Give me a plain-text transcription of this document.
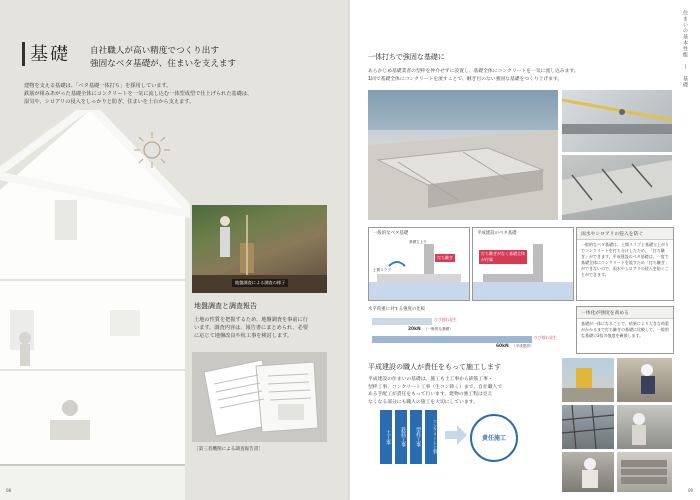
基礎 自社職人が高い精度でつくり出す
強固なベタ基礎が、住まいを支えます
建物を支える基礎は、「ベタ基礎一体打ち」を採用しています。
鉄筋が組みあがった基礎全体にコンクリートを一気に流し込む一体型成型で仕上げられた基礎は、
湿気や、シロアリの侵入をしっかりと防ぎ、住まいを土台から支えます。
地盤調査による調査の様子
地盤調査と調査報告
土地の性質を把握するため、地盤調査を事前に行
います。調査内容は、報告書にまとめられ、必要
に応じて地盤改良や杭工事を検討します。
［第三者機関による調査報告書］
08
住まいの基本性能　—　基礎
一体打ちで強固な基礎に
あらかじめ基礎業者の型枠を仲介せずに設置し、基礎全体にコンクリートを一気に流し込みます。
1回で基礎全体にコンクリートを流すことで、継ぎ目のない強固な基礎をつくり上げます。
一般的なベタ基礎
打ち継ぎ
土間スラブ
基礎立上り
平成建設のベタ基礎
打ち継ぎがなく基礎全体が付属
雨水やシロアリの侵入を防ぐ
一般的なベタ基礎は、土間スラブと基礎立上がりでコンクリートを打ち分けしたため、「打ち継ぎ」ができます。平成建設のベタ基礎は、一度で基礎全体にコンクリートを流すため「打ち継ぎ」ができないので、雨水やシロアリの侵入を防ぐことができます。
水平荷重に対する強度の比較
ひび割れ発生
20kN （一般的な基礎）
ひび割れ発生
60kN （平成建設）
一体化が強度を高める
基礎が一体になることで、結果により大きな荷重がかかるまで打ち継ぎの基礎に比較して、一般的な基礎の3倍の強度を確保します。
平成建設の職人が責任をもって施工します
平成建設の住まいの基礎は、施工も土工事から鉄筋工事・
型枠工事、コンクリート工事（生コン除く）まで、自社職人で
ある手配工が責任をもって行います。建物の強工程は見え
なくなる部分にも職人の施工を大切にしています。
土工事	鉄筋工事	型枠工事	コンクリート工事	責任施工
09
